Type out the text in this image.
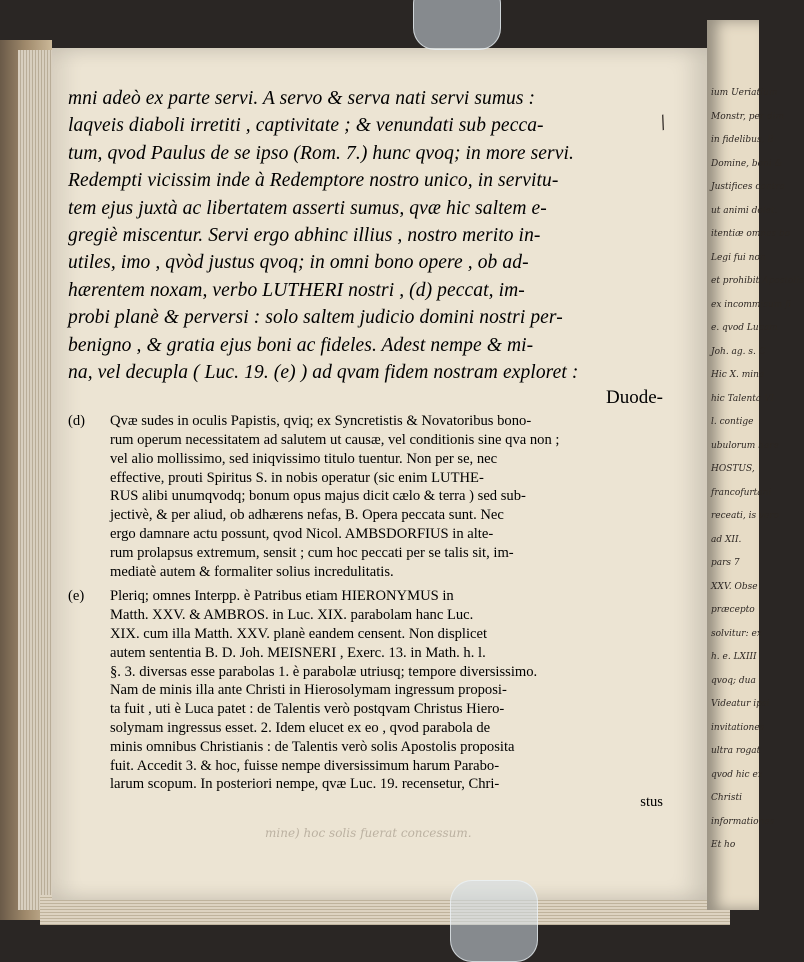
ium Ueriatium
Monstr, per dim
in fidelibus, B
Domine, boni &
Justifices contra
ut animi dolet.
itentiæ omnes bo
Legi fui non
et prohibit Apostolis
ex incommisum fi
e. qvod Lucam
Joh. ag. s. C
Hic X. mina
hic Talenta VI
l. contige
ubulorum hare
HOSTUS,
francofurtani
receati, is vero
ad XII.
pars 7
XXV. Obse
præcepto
solvitur: ex
h. e. LXIII
qvoq; dua
Videatur ipsi
invitationes
ultra rogat
qvod hic ex
Christi
informationes
Et ho
/
mni adeò ex parte servi. A servo & serva nati servi sumus :
laqveis diaboli irretiti , captivitate ; & venundati sub pecca-
tum, qvod Paulus de se ipso (Rom. 7.) hunc qvoq; in more servi.
Redempti vicissim inde à Redemptore nostro unico, in servitu-
tem ejus juxtà ac libertatem asserti sumus, qvæ hic saltem e-
gregiè miscentur. Servi ergo abhinc illius , nostro merito in-
utiles, imo , qvòd justus qvoq; in omni bono opere , ob ad-
hærentem noxam, verbo LUTHERI nostri , (d) peccat, im-
probi planè & perversi : solo saltem judicio domini nostri per-
benigno , & gratia ejus boni ac fideles. Adest nempe & mi-
na, vel decupla ( Luc. 19. (e) ) ad qvam fidem nostram exploret :
Duode-
(d) Qvæ sudes in oculis Papistis, qviq; ex Syncretistis & Novatoribus bono-
rum operum necessitatem ad salutem ut causæ, vel conditionis sine qva non ;
vel alio mollissimo, sed iniqvissimo titulo tuentur. Non per se, nec
effective, prouti Spiritus S. in nobis operatur (sic enim LUTHE-
RUS alibi unumqvodq; bonum opus majus dicit cælo & terra ) sed sub-
jectivè, & per aliud, ob adhærens nefas, B. Opera peccata sunt. Nec
ergo damnare actu possunt, qvod Nicol. AMBSDORFIUS in alte-
rum prolapsus extremum, sensit ; cum hoc peccati per se talis sit, im-
mediatè autem & formaliter solius incredulitatis.
(e) Pleriq; omnes Interpp. è Patribus etiam HIERONYMUS in
Matth. XXV. & AMBROS. in Luc. XIX. parabolam hanc Luc.
XIX. cum illa Matth. XXV. planè eandem censent. Non displicet
autem sententia B. D. Joh. MEISNERI , Exerc. 13. in Math. h. l.
§. 3. diversas esse parabolas 1. è parabolæ utriusq; tempore diversissimo.
Nam de minis illa ante Christi in Hierosolymam ingressum proposi-
ta fuit , uti è Luca patet : de Talentis verò postqvam Christus Hiero-
solymam ingressus esset. 2. Idem elucet ex eo , qvod parabola de
minis omnibus Christianis : de Talentis verò solis Apostolis proposita
fuit. Accedit 3. & hoc, fuisse nempe diversissimum harum Parabo-
larum scopum. In posteriori nempe, qvæ Luc. 19. recensetur, Chri-
stus
mine) hoc solis fuerat concessum.
